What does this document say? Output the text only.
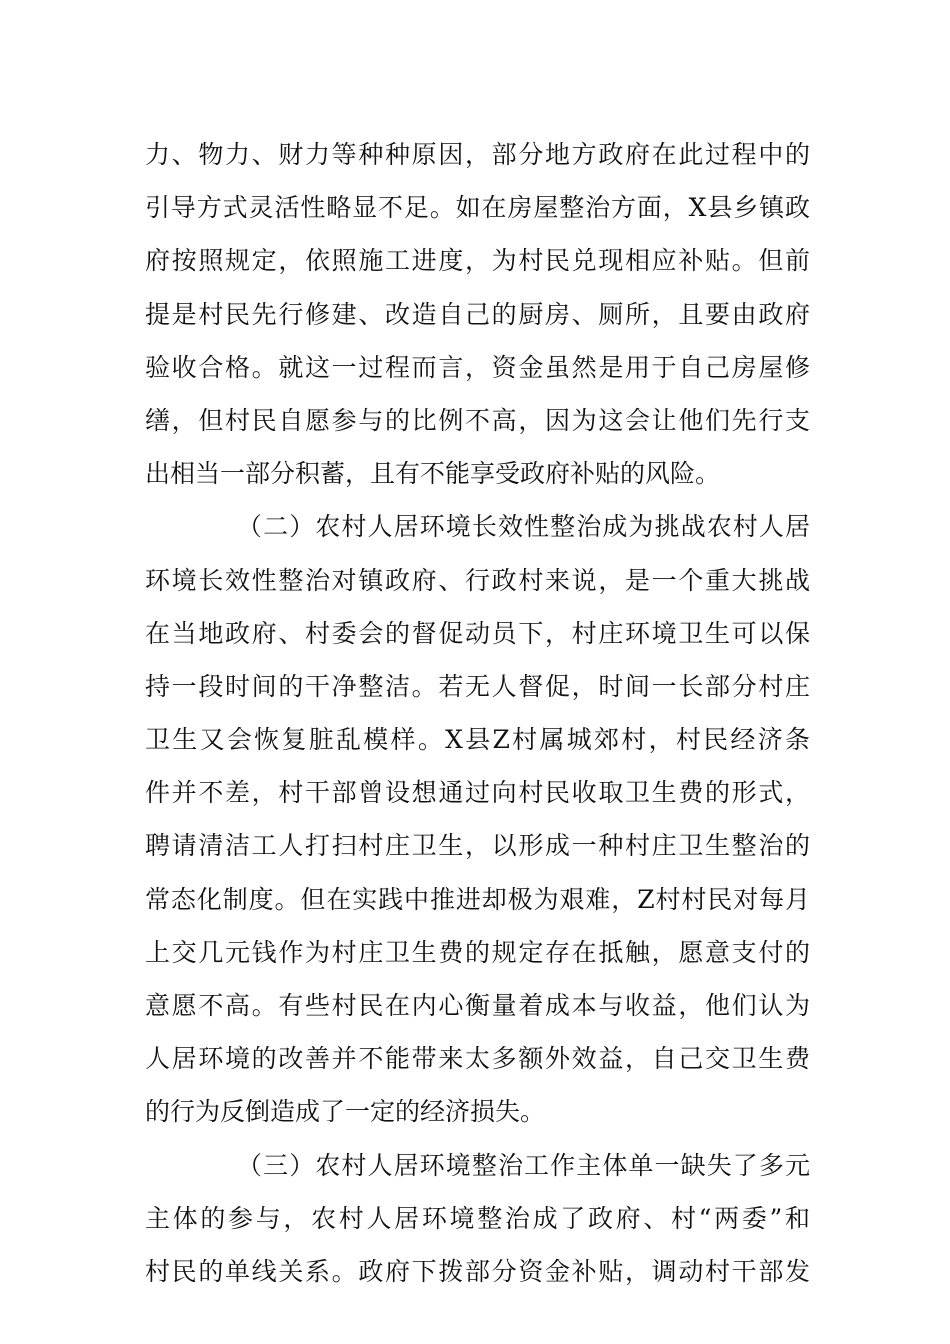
力、物力、财力等种种原因，部分地方政府在此过程中的
引导方式灵活性略显不足。如在房屋整治方面，X县乡镇政
府按照规定，依照施工进度，为村民兑现相应补贴。但前
提是村民先行修建、改造自己的厨房、厕所，且要由政府
验收合格。就这一过程而言，资金虽然是用于自己房屋修
缮，但村民自愿参与的比例不高，因为这会让他们先行支
出相当一部分积蓄，且有不能享受政府补贴的风险。
（二）农村人居环境长效性整治成为挑战农村人居
环境长效性整治对镇政府、行政村来说，是一个重大挑战
在当地政府、村委会的督促动员下，村庄环境卫生可以保
持一段时间的干净整洁。若无人督促，时间一长部分村庄
卫生又会恢复脏乱模样。X县Z村属城郊村，村民经济条
件并不差，村干部曾设想通过向村民收取卫生费的形式，
聘请清洁工人打扫村庄卫生，以形成一种村庄卫生整治的
常态化制度。但在实践中推进却极为艰难，Z村村民对每月
上交几元钱作为村庄卫生费的规定存在抵触，愿意支付的
意愿不高。有些村民在内心衡量着成本与收益，他们认为
人居环境的改善并不能带来太多额外效益，自己交卫生费
的行为反倒造成了一定的经济损失。
（三）农村人居环境整治工作主体单一缺失了多元
主体的参与，农村人居环境整治成了政府、村“两委”和
村民的单线关系。政府下拨部分资金补贴，调动村干部发
